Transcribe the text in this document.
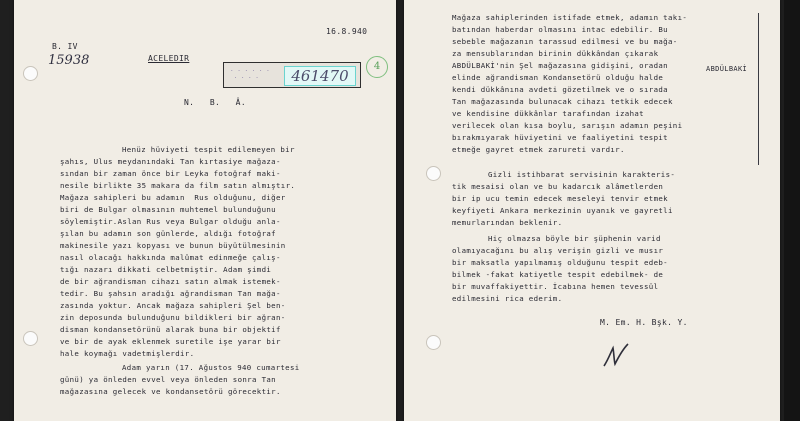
16.8.940
B. IV
15938	ACELEDIR
. . . . . .
. . . .	461470
4
N.   B.   Â.
Henüz hüviyeti tespit edilemeyen bir
şahıs, Ulus meydanındaki Tan kırtasiye mağaza-
sından bir zaman önce bir Leyka fotoğraf maki-
nesile birlikte 35 makara da film satın almıştır.
Mağaza sahipleri bu adamın  Rus olduğunu, diğer
biri de Bulgar olmasının muhtemel bulunduğunu
söylemiştir.Aslan Rus veya Bulgar olduğu anla-
şılan bu adamın son günlerde, aldığı fotoğraf
makinesile yazı kopyası ve bunun büyütülmesinin
nasıl olacağı hakkında malûmat edinmeğe çalış-
tığı nazarı dikkati celbetmiştir. Adam şimdi
de bir ağrandisman cihazı satın almak istemek-
tedir. Bu şahsın aradığı ağrandisman Tan mağa-
zasında yoktur. Ancak mağaza sahipleri Şel ben-
zin deposunda bulunduğunu bildikleri bir ağran-
disman kondansetörünü alarak buna bir objektif
ve bir de ayak eklenmek suretile işe yarar bir
hale koymağı vadetmişlerdir.
Adam yarın (17. Ağustos 940 cumartesi
günü) ya önleden evvel veya önleden sonra Tan
mağazasına gelecek ve kondansetörü görecektir.
ABDÜLBAKİ
Mağaza sahiplerinden istifade etmek, adamın takı-
batından haberdar olmasını intac edebilir. Bu
sebeble mağazanın tarassud edilmesi ve bu mağa-
za mensublarından birinin dükkândan çıkarak
ABDÜLBAKİ'nin Şel mağazasına gidişini, oradan
elinde ağrandisman Kondansetörü olduğu halde
kendi dükkânına avdeti gözetilmek ve o sırada
Tan mağazasında bulunacak cihazı tetkik edecek
ve kendisine dükkânlar tarafından izahat
verilecek olan kısa boylu, sarışın adamın peşini
bırakmıyarak hüviyetini ve faaliyetini tespit
etmeğe gayret etmek zarureti vardır.
Gizli istihbarat servisinin karakteris-
tik mesaisi olan ve bu kadarcık alâmetlerden
bir ip ucu temin edecek meseleyi tenvir etmek
keyfiyeti Ankara merkezinin uyanık ve gayretli
memurlarından beklenir.
Hiç olmazsa böyle bir şüphenin varid
olamıyacağını bu alış verişin gizli ve musır
bir maksatla yapılmamış olduğunu tespit edeb-
bilmek -fakat katiyetle tespit edebilmek- de
bir muvaffakiyettir. İcabına hemen tevessül
edilmesini rica ederim.
M. Em. H. Bşk. Y.
